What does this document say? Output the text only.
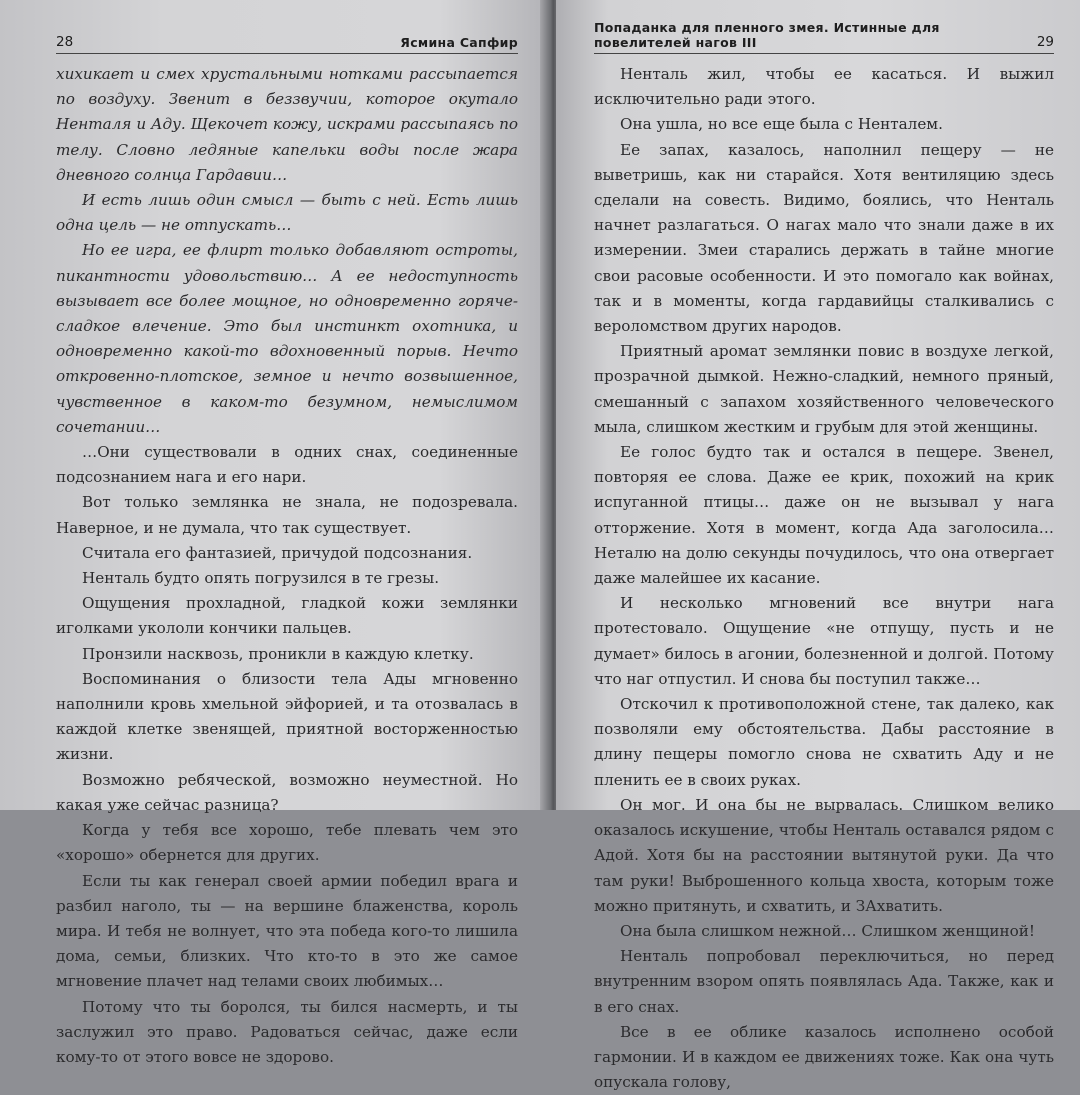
28	Ясмина Сапфир

хихикает и смех хрустальными нотками рассыпается по воздуху. Звенит в беззвучии, которое окутало Ненталя и Аду. Щекочет кожу, искрами рассыпаясь по телу. Словно ледяные капельки воды после жара дневного солнца Гардавии…

И есть лишь один смысл — быть с ней. Есть лишь одна цель — не отпускать…

Но ее игра, ее флирт только добавляют остроты, пикантности удовольствию… А ее недоступность вызывает все более мощное, но одновременно горяче-сладкое влечение. Это был инстинкт охотника, и одновременно какой-то вдохновенный порыв. Нечто откровенно-плотское, земное и нечто возвышенное, чувственное в каком-то безумном, немыслимом сочетании…

…Они существовали в одних снах, соединенные подсознанием нага и его нари.

Вот только землянка не знала, не подозревала. Наверное, и не думала, что так существует.

Считала его фантазией, причудой подсознания.

Ненталь будто опять погрузился в те грезы.

Ощущения прохладной, гладкой кожи землянки иголками укололи кончики пальцев.

Пронзили насквозь, проникли в каждую клетку.

Воспоминания о близости тела Ады мгновенно наполнили кровь хмельной эйфорией, и та отозвалась в каждой клетке звенящей, приятной восторженностью жизни.

Возможно ребяческой, возможно неуместной. Но какая уже сейчас разница?

Когда у тебя все хорошо, тебе плевать чем это «хорошо» обернется для других.

Если ты как генерал своей армии победил врага и разбил наголо, ты — на вершине блаженства, король мира. И тебя не волнует, что эта победа кого-то лишила дома, семьи, близких. Что кто-то в это же самое мгновение плачет над телами своих любимых…

Потому что ты боролся, ты бился насмерть, и ты заслужил это право. Радоваться сейчас, даже если кому-то от этого вовсе не здорово.

Попаданка для пленного змея. Истинные для повелителей нагов III	29

Ненталь жил, чтобы ее касаться. И выжил исключительно ради этого.

Она ушла, но все еще была с Ненталем.

Ее запах, казалось, наполнил пещеру — не выветришь, как ни старайся. Хотя вентиляцию здесь сделали на совесть. Видимо, боялись, что Ненталь начнет разлагаться. О нагах мало что знали даже в их измерении. Змеи старались держать в тайне многие свои расовые особенности. И это помогало как войнах, так и в моменты, когда гардавийцы сталкивались с вероломством других народов.

Приятный аромат землянки повис в воздухе легкой, прозрачной дымкой. Нежно-сладкий, немного пряный, смешанный с запахом хозяйственного человеческого мыла, слишком жестким и грубым для этой женщины.

Ее голос будто так и остался в пещере. Звенел, повторяя ее слова. Даже ее крик, похожий на крик испуганной птицы… даже он не вызывал у нага отторжение. Хотя в момент, когда Ада заголосила… Неталю на долю секунды почудилось, что она отвергает даже малейшее их касание.

И несколько мгновений все внутри нага протестовало. Ощущение «не отпущу, пусть и не думает» билось в агонии, болезненной и долгой. Потому что наг отпустил. И снова бы поступил также…

Отскочил к противоположной стене, так далеко, как позволяли ему обстоятельства. Дабы расстояние в длину пещеры помогло снова не схватить Аду и не пленить ее в своих руках.

Он мог. И она бы не вырвалась. Слишком велико оказалось искушение, чтобы Ненталь оставался рядом с Адой. Хотя бы на расстоянии вытянутой руки. Да что там руки! Выброшенного кольца хвоста, которым тоже можно притянуть, и схватить, и ЗАхватить.

Она была слишком нежной… Слишком женщиной!

Ненталь попробовал переключиться, но перед внутренним взором опять появлялась Ада. Также, как и в его снах.

Все в ее облике казалось исполнено особой гармонии. И в каждом ее движениях тоже. Как она чуть опускала голову,
